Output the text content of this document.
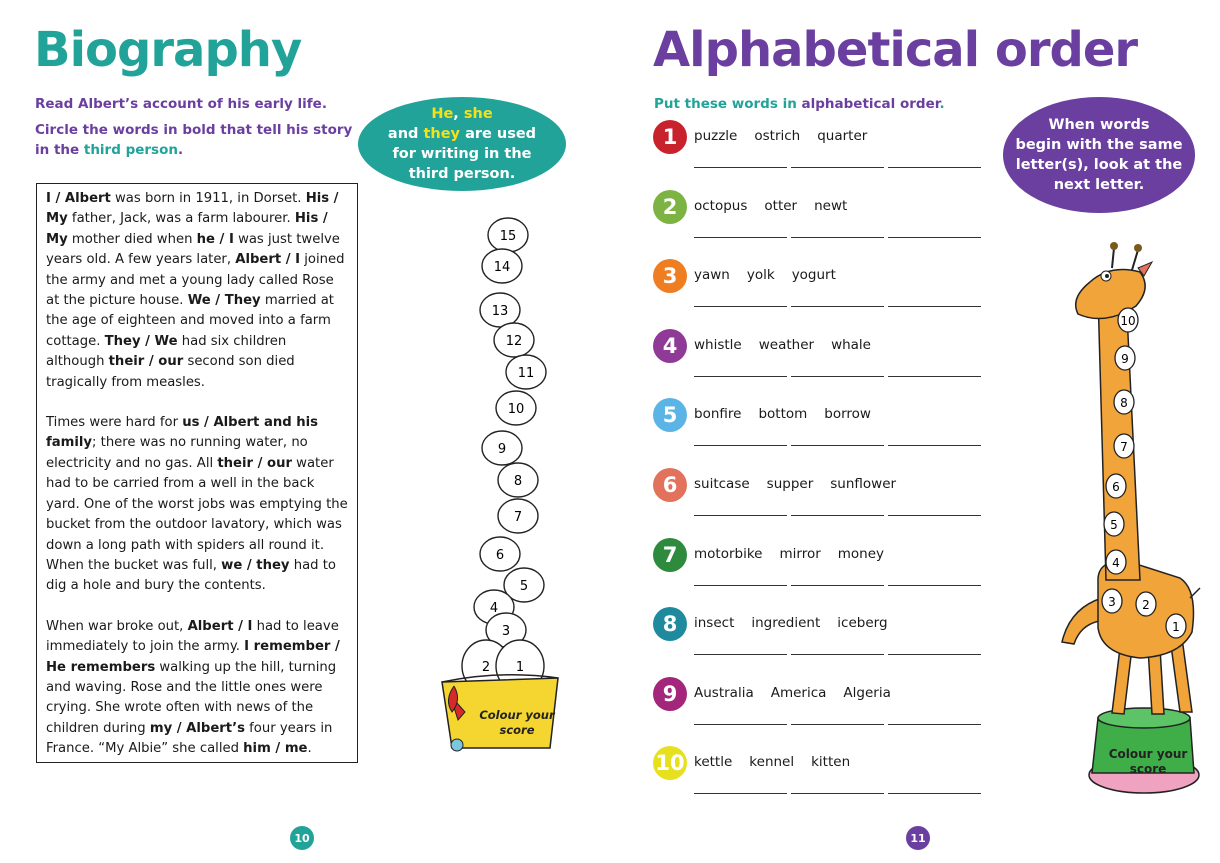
Biography
Read Albert’s account of his early life.
Circle the words in bold that tell his story
in the third person.
He, she
and they are used
for writing in the
third person.

I / Albert was born in 1911, in Dorset. His / My father, Jack, was a farm labourer. His / My mother died when he / I was just twelve years old. A few years later, Albert / I joined the army and met a young lady called Rose at the picture house. We / They married at the age of eighteen and moved into a farm cottage. They / We had six children although their / our second son died tragically from measles.

Times were hard for us / Albert and his family; there was no running water, no electricity and no gas. All their / our water had to be carried from a well in the back yard. One of the worst jobs was emptying the bucket from the outdoor lavatory, which was down a long path with spiders all round it. When the bucket was full, we / they had to dig a hole and bury the contents.

When war broke out, Albert / I had to leave immediately to join the army. I remember / He remembers walking up the hill, turning and waving. Rose and the little ones were crying. She wrote often with news of the children during my / Albert’s four years in France. “My Albie” she called him / me.

15
14
13
12
11
10
9
8
7
6
5
4
3
2 1
Colour your score
10
Alphabetical order
Put these words in alphabetical order.
When words
begin with the same
letter(s), look at the
next letter.
1	puzzle ostrich quarter
2	octopus otter newt
3	yawn yolk yogurt
4	whistle weather whale
5	bonfire bottom borrow
6	suitcase supper sunflower
7	motorbike mirror money
8	insect ingredient iceberg
9	Australia America Algeria
10 kettle kennel kitten
10
9
8
7
6
5
4
3 2
1
Colour your score
11
